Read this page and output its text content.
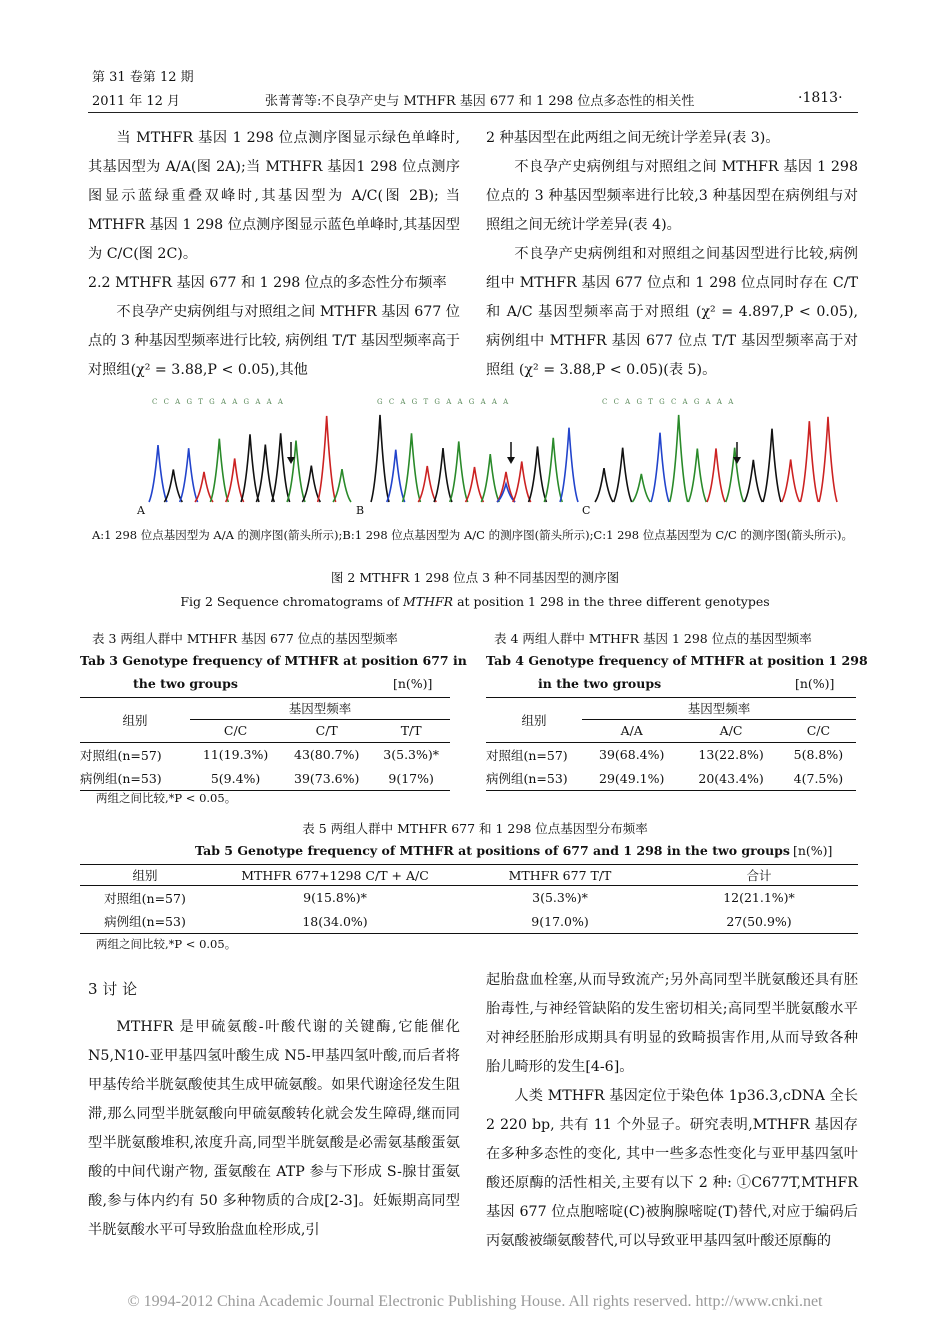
第 31 卷第 12 期
2011 年 12 月	张菁菁等:不良孕产史与 MTHFR 基因 677 和 1 298 位点多态性的相关性	·1813·

当 MTHFR 基因 1 298 位点测序图显示绿色单峰时,其基因型为 A/A(图 2A);当 MTHFR 基因1 298 位点测序图显示蓝绿重叠双峰时,其基因型为 A/C(图 2B); 当 MTHFR 基因 1 298 位点测序图显示蓝色单峰时,其基因型为 C/C(图 2C)。

2.2 MTHFR 基因 677 和 1 298 位点的多态性分布频率

不良孕产史病例组与对照组之间 MTHFR 基因 677 位点的 3 种基因型频率进行比较, 病例组 T/T 基因型频率高于对照组(χ² = 3.88,P < 0.05),其他

2 种基因型在此两组之间无统计学差异(表 3)。

不良孕产史病例组与对照组之间 MTHFR 基因 1 298 位点的 3 种基因型频率进行比较,3 种基因型在病例组与对照组之间无统计学差异(表 4)。

不良孕产史病例组和对照组之间基因型进行比较,病例组中 MTHFR 基因 677 位点和 1 298 位点同时存在 C/T 和 A/C 基因型频率高于对照组 (χ² = 4.897,P < 0.05), 病例组中 MTHFR 基因 677 位点 T/T 基因型频率高于对照组 (χ² = 3.88,P < 0.05)(表 5)。

A	B	C
C C A G T G A A G A A A	G C A G T G A A G A A A	C C A G T G C A G A A A
A:1 298 位点基因型为 A/A 的测序图(箭头所示);B:1 298 位点基因型为 A/C 的测序图(箭头所示);C:1 298 位点基因型为 C/C 的测序图(箭头所示)。
图 2 MTHFR 1 298 位点 3 种不同基因型的测序图
Fig 2 Sequence chromatograms of MTHFR at position 1 298 in the three different genotypes
表 3 两组人群中 MTHFR 基因 677 位点的基因型频率
Tab 3 Genotype frequency of MTHFR at position 677 in
the two groups	[n(%)]
组别	基因型频率		
	C/C	C/T	T/T
对照组(n=57)	11(19.3%)	43(80.7%)	3(5.3%)*
病例组(n=53)	5(9.4%)	39(73.6%)	9(17%)
两组之间比较,*P < 0.05。
表 4 两组人群中 MTHFR 基因 1 298 位点的基因型频率
Tab 4 Genotype frequency of MTHFR at position 1 298
in the two groups	[n(%)]
组别	基因型频率		
	A/A	A/C	C/C
对照组(n=57)	39(68.4%)	13(22.8%)	5(8.8%)
病例组(n=53)	29(49.1%)	20(43.4%)	4(7.5%)
表 5 两组人群中 MTHFR 677 和 1 298 位点基因型分布频率
Tab 5 Genotype frequency of MTHFR at positions of 677 and 1 298 in the two groups [n(%)]
组别	MTHFR 677+1298 C/T + A/C	MTHFR 677 T/T	合计
对照组(n=57)	9(15.8%)*	3(5.3%)*	12(21.1%)*
病例组(n=53)	18(34.0%)	9(17.0%)	27(50.9%)
两组之间比较,*P < 0.05。

3 讨 论

MTHFR 是甲硫氨酸-叶酸代谢的关键酶,它能催化 N5,N10-亚甲基四氢叶酸生成 N5-甲基四氢叶酸,而后者将甲基传给半胱氨酸使其生成甲硫氨酸。如果代谢途径发生阻滞,那么同型半胱氨酸向甲硫氨酸转化就会发生障碍,继而同型半胱氨酸堆积,浓度升高,同型半胱氨酸是必需氨基酸蛋氨酸的中间代谢产物, 蛋氨酸在 ATP 参与下形成 S-腺甘蛋氨酸,参与体内约有 50 多种物质的合成[2-3]。妊娠期高同型半胱氨酸水平可导致胎盘血栓形成,引

起胎盘血栓塞,从而导致流产;另外高同型半胱氨酸还具有胚胎毒性,与神经管缺陷的发生密切相关;高同型半胱氨酸水平对神经胚胎形成期具有明显的致畸损害作用,从而导致各种胎儿畸形的发生[4-6]。

人类 MTHFR 基因定位于染色体 1p36.3,cDNA 全长 2 220 bp, 共有 11 个外显子。研究表明,MTHFR 基因存在多种多态性的变化, 其中一些多态性变化与亚甲基四氢叶酸还原酶的活性相关,主要有以下 2 种: ①C677T,MTHFR 基因 677 位点胞嘧啶(C)被胸腺嘧啶(T)替代,对应于编码后丙氨酸被缬氨酸替代,可以导致亚甲基四氢叶酸还原酶的

© 1994-2012 China Academic Journal Electronic Publishing House. All rights reserved. http://www.cnki.net
